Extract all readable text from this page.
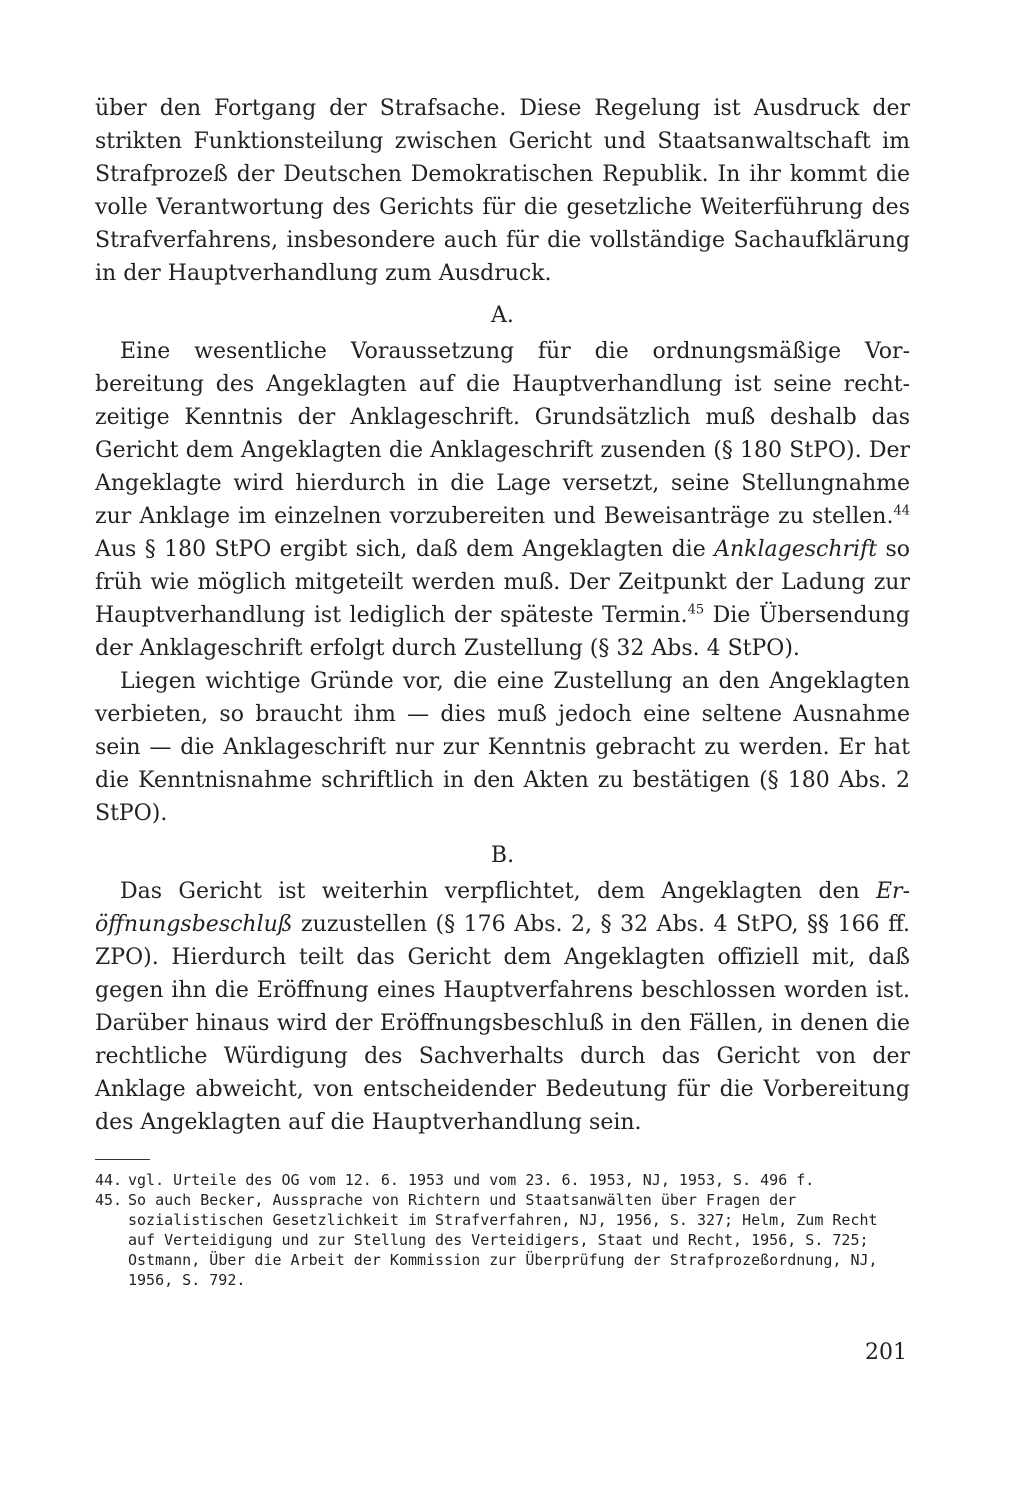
über den Fortgang der Strafsache. Diese Regelung ist Ausdruck der strikten Funktionsteilung zwischen Gericht und Staatsanwaltschaft im Strafprozeß der Deutschen Demokratischen Republik. In ihr kommt die volle Verantwortung des Gerichts für die gesetzliche Weiterführung des Strafverfahrens, insbesondere auch für die vollständige Sachaufklärung in der Hauptverhandlung zum Ausdruck.

A.

Eine wesentliche Voraussetzung für die ordnungsmäßige Vorbereitung des Angeklagten auf die Hauptverhandlung ist seine rechtzeitige Kenntnis der Anklageschrift. Grundsätzlich muß deshalb das Gericht dem Angeklagten die Anklageschrift zusenden (§ 180 StPO). Der Angeklagte wird hierdurch in die Lage versetzt, seine Stellungnahme zur Anklage im einzelnen vorzubereiten und Beweisanträge zu stellen.$^{44}$ Aus § 180 StPO ergibt sich, daß dem Angeklagten die Anklageschrift so früh wie möglich mitgeteilt werden muß. Der Zeitpunkt der Ladung zur Hauptverhandlung ist lediglich der späteste Termin.$^{45}$ Die Übersendung der Anklageschrift erfolgt durch Zustellung (§ 32 Abs. 4 StPO).

Liegen wichtige Gründe vor, die eine Zustellung an den Angeklagten verbieten, so braucht ihm — dies muß jedoch eine seltene Ausnahme sein — die Anklageschrift nur zur Kenntnis gebracht zu werden. Er hat die Kenntnisnahme schriftlich in den Akten zu bestätigen (§ 180 Abs. 2 StPO).

B.

Das Gericht ist weiterhin verpflichtet, dem Angeklagten den Eröffnungsbeschluß zuzustellen (§ 176 Abs. 2, § 32 Abs. 4 StPO, §§ 166 ff. ZPO). Hierdurch teilt das Gericht dem Angeklagten offiziell mit, daß gegen ihn die Eröffnung eines Hauptverfahrens beschlossen worden ist. Darüber hinaus wird der Eröffnungsbeschluß in den Fällen, in denen die rechtliche Würdigung des Sachverhalts durch das Gericht von der Anklage abweicht, von entscheidender Bedeutung für die Vorbereitung des Angeklagten auf die Hauptverhandlung sein.

44. vgl. Urteile des OG vom 12. 6. 1953 und vom 23. 6. 1953, NJ, 1953, S. 496 f.
45. So auch Becker, Aussprache von Richtern und Staatsanwälten über Fragen der sozialistischen Gesetzlichkeit im Strafverfahren, NJ, 1956, S. 327; Helm, Zum Recht auf Verteidigung und zur Stellung des Verteidigers, Staat und Recht, 1956, S. 725; Ostmann, Über die Arbeit der Kommission zur Überprüfung der Strafprozeßordnung, NJ, 1956, S. 792.
201
